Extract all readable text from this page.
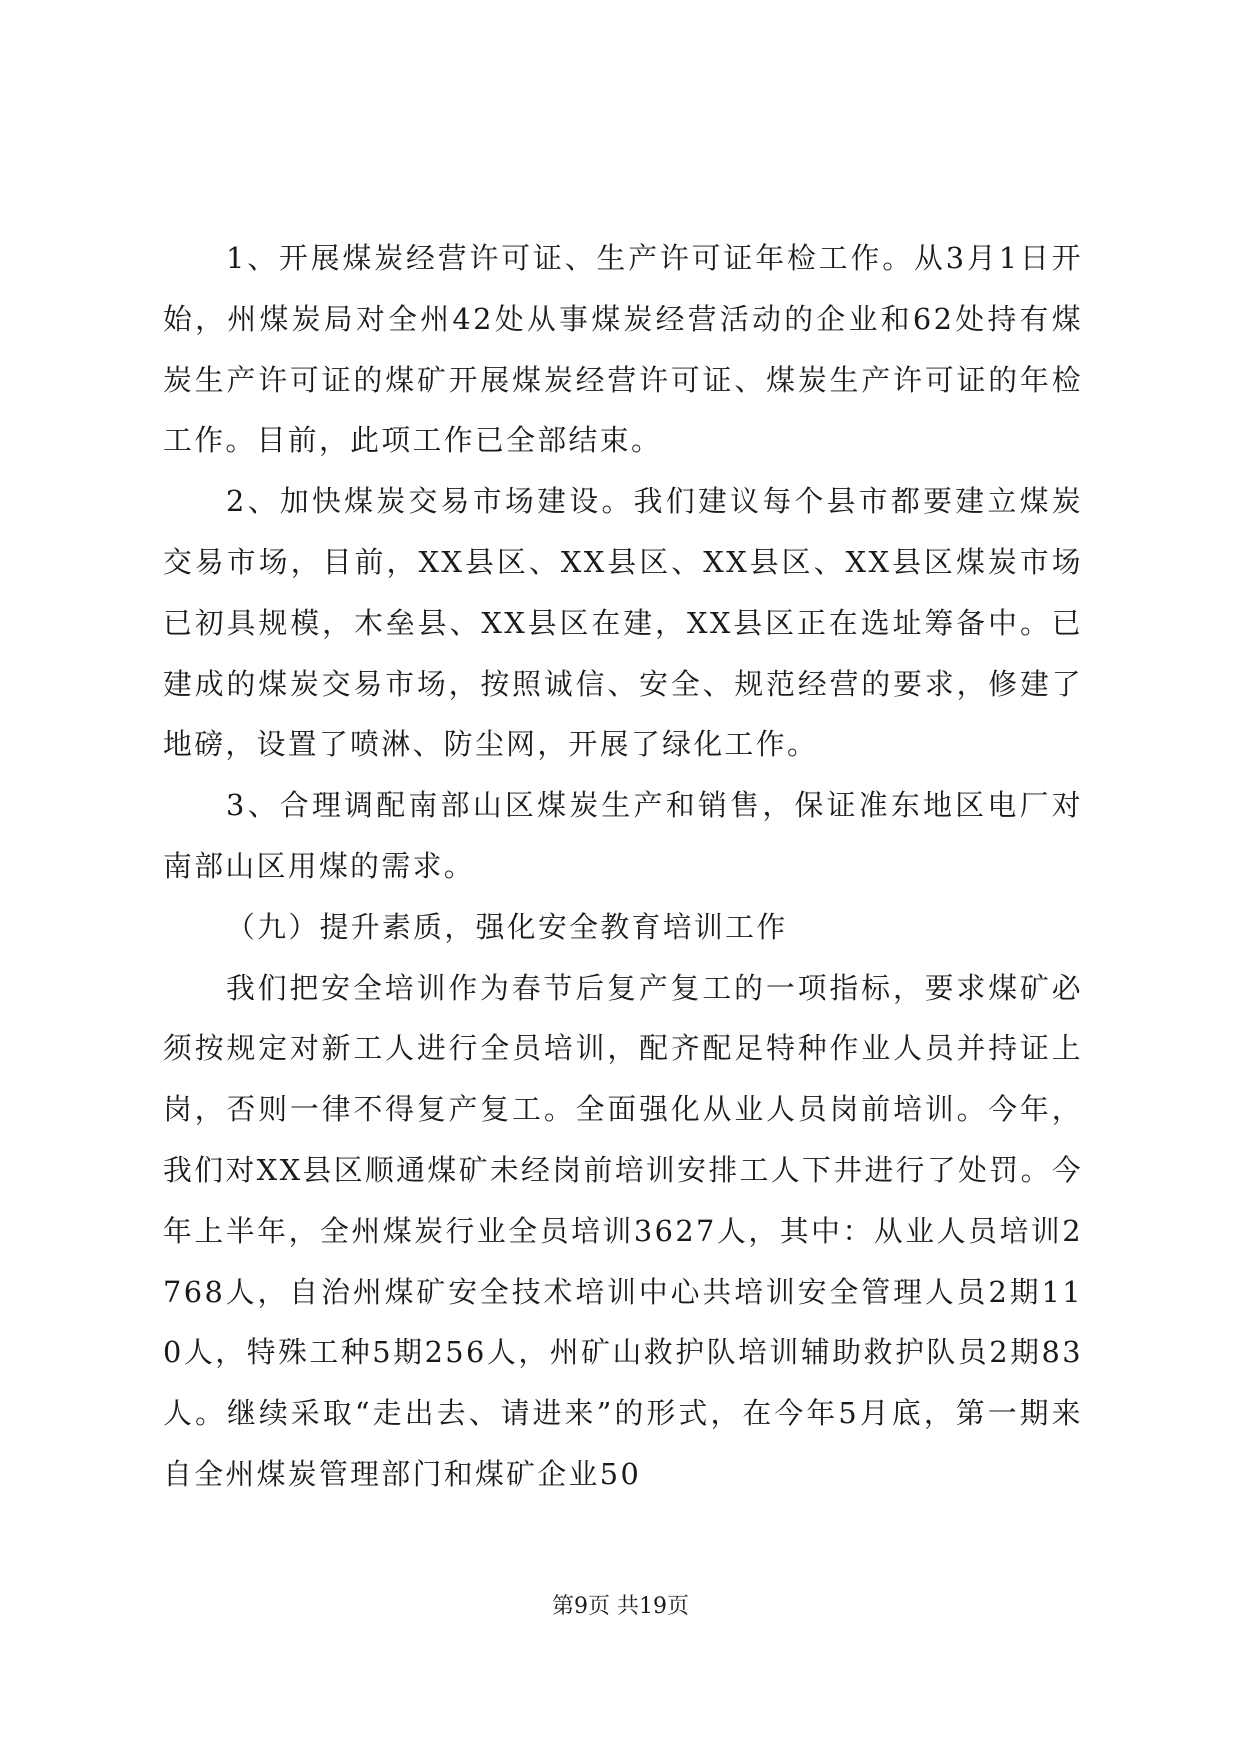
1、开展煤炭经营许可证、生产许可证年检工作。从3月1日开始，州煤炭局对全州42处从事煤炭经营活动的企业和62处持有煤炭生产许可证的煤矿开展煤炭经营许可证、煤炭生产许可证的年检工作。目前，此项工作已全部结束。

2、加快煤炭交易市场建设。我们建议每个县市都要建立煤炭交易市场，目前，XX县区、XX县区、XX县区、XX县区煤炭市场已初具规模，木垒县、XX县区在建，XX县区正在选址筹备中。已建成的煤炭交易市场，按照诚信、安全、规范经营的要求，修建了地磅，设置了喷淋、防尘网，开展了绿化工作。

3、合理调配南部山区煤炭生产和销售，保证准东地区电厂对南部山区用煤的需求。

（九）提升素质，强化安全教育培训工作

我们把安全培训作为春节后复产复工的一项指标，要求煤矿必须按规定对新工人进行全员培训，配齐配足特种作业人员并持证上岗，否则一律不得复产复工。全面强化从业人员岗前培训。今年，我们对XX县区顺通煤矿未经岗前培训安排工人下井进行了处罚。今年上半年，全州煤炭行业全员培训3627人，其中：从业人员培训2768人，自治州煤矿安全技术培训中心共培训安全管理人员2期110人，特殊工种5期256人，州矿山救护队培训辅助救护队员2期83人。继续采取“走出去、请进来”的形式，在今年5月底，第一期来自全州煤炭管理部门和煤矿企业50

第9页 共19页
